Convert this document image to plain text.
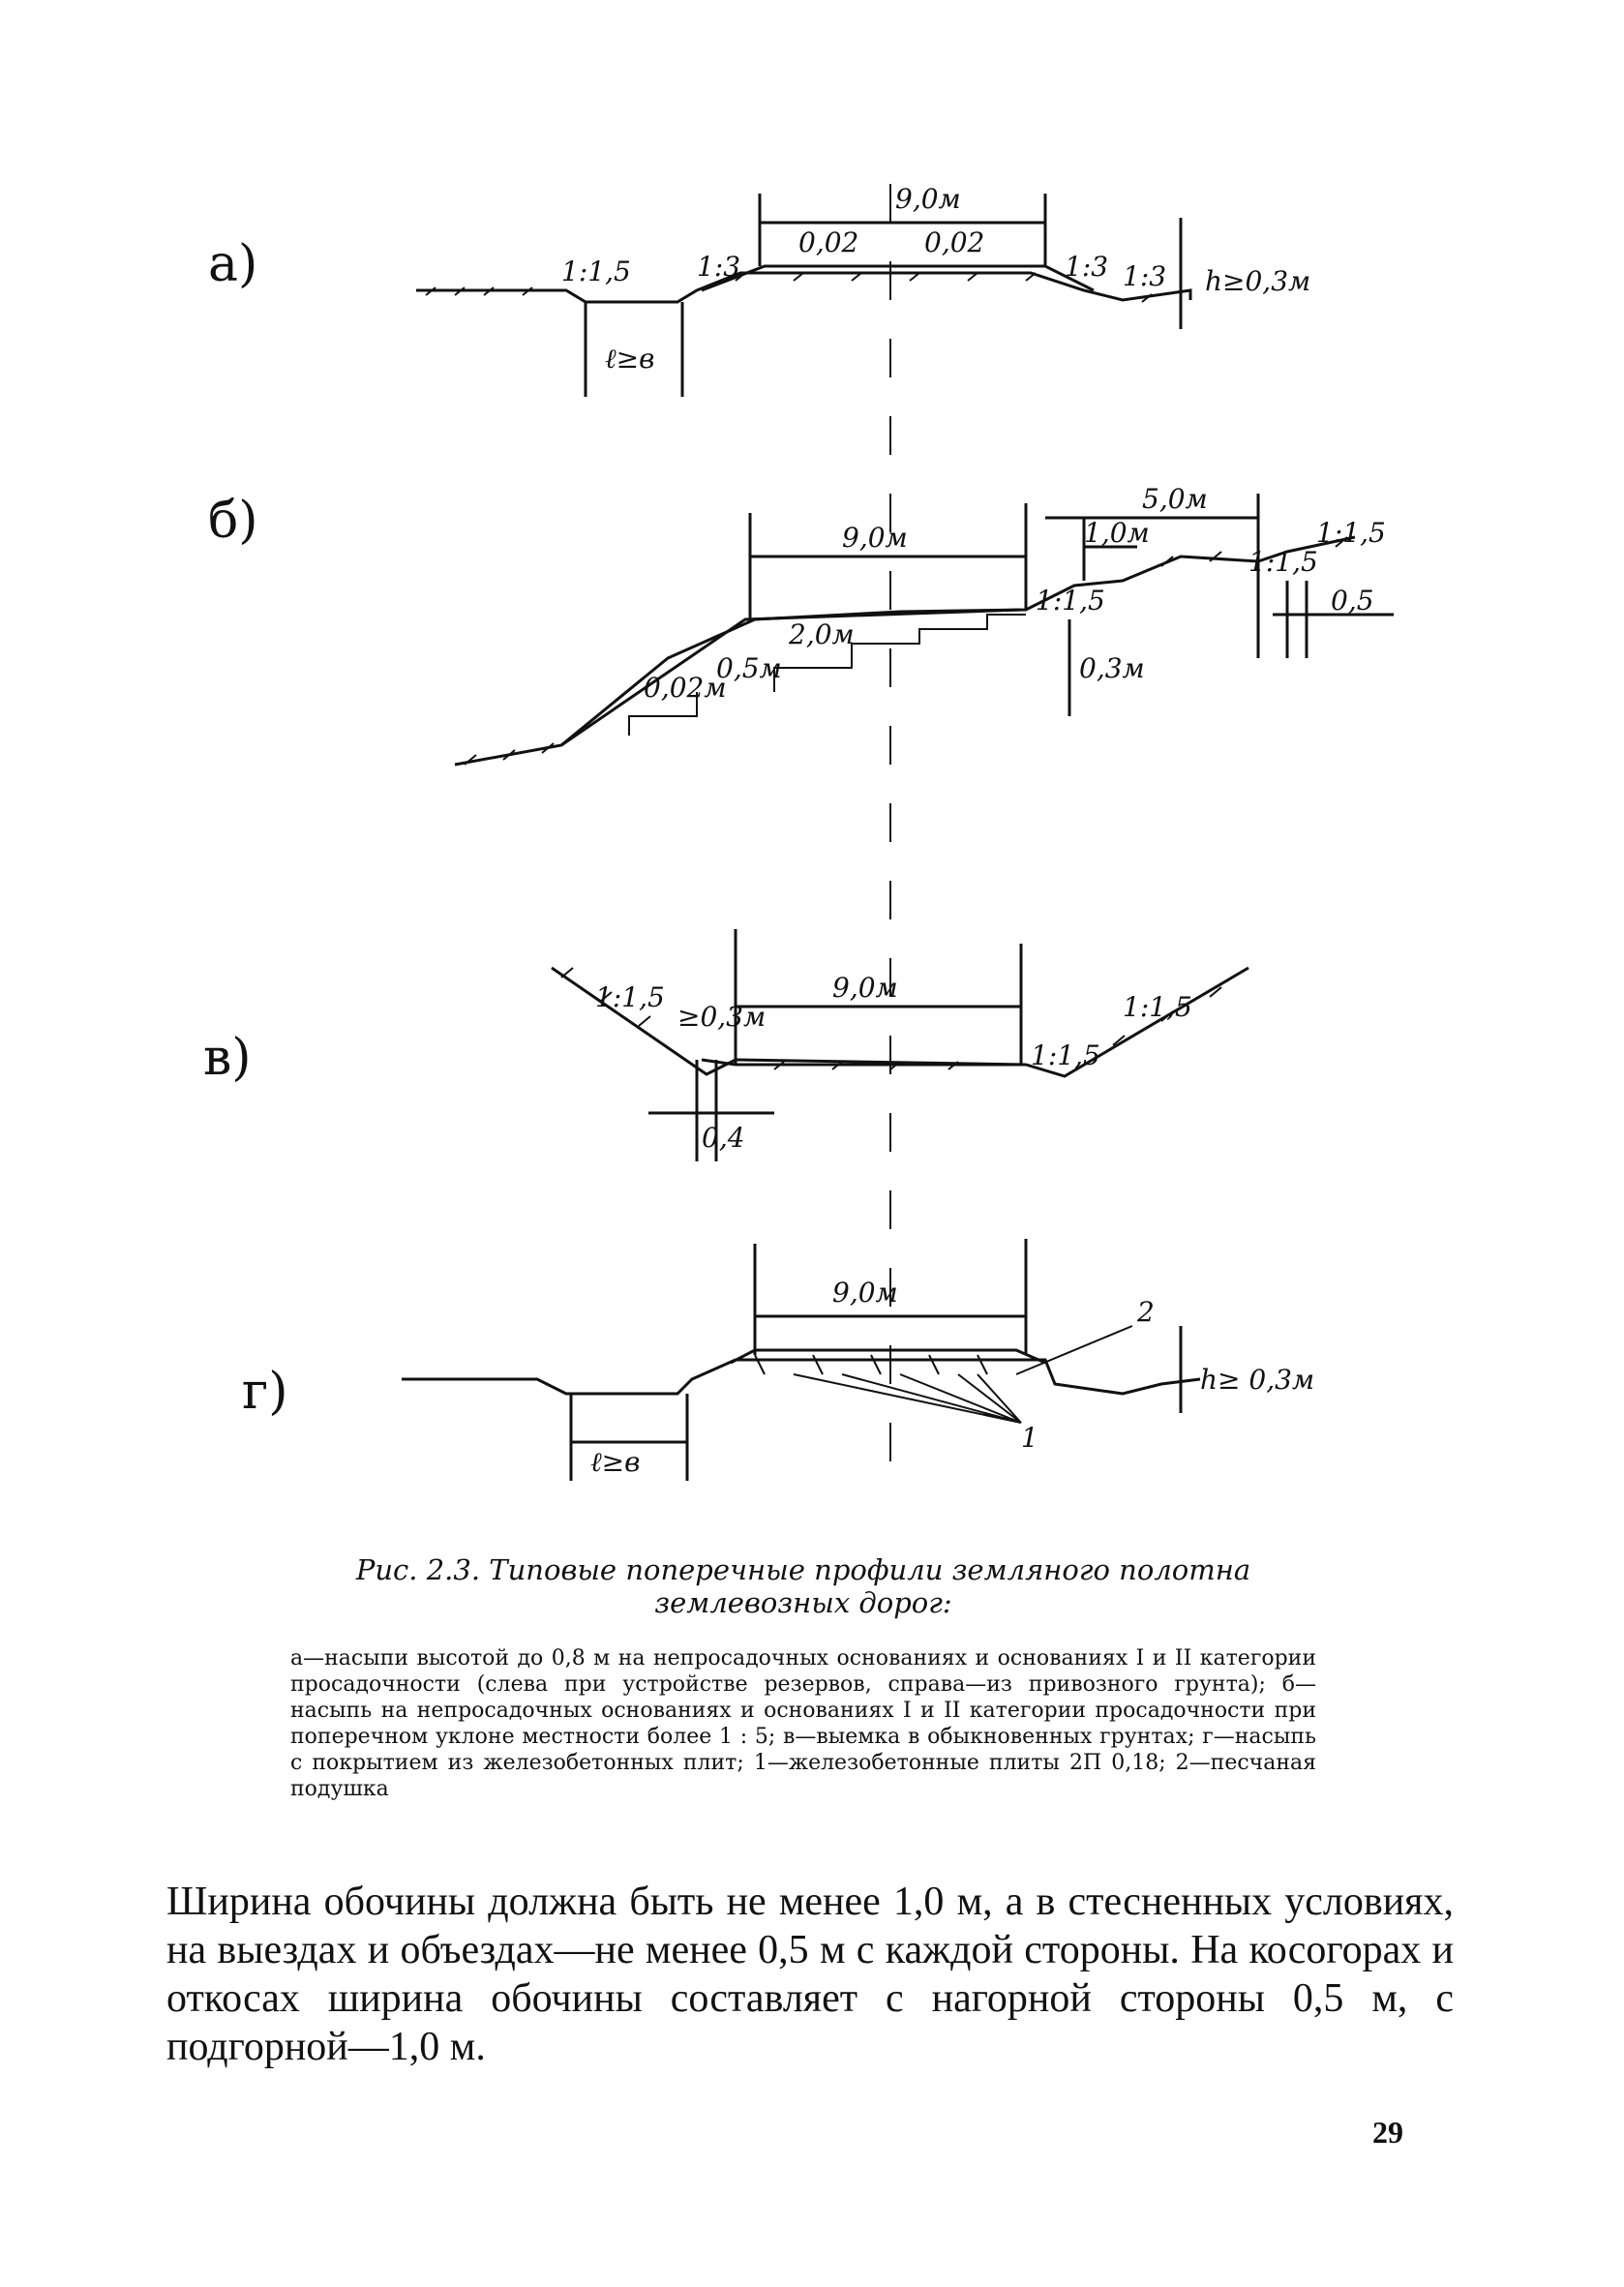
а)
б)
в)
г)
9,0м
0,02 0,02
1:3
1:1,5	1:3 1:3 h≥0,3м
ℓ≥в
9,0м
5,0м
1,0м
2,0м
0,02м
0,5м	0,3м
1:1,5
1:1,5
1:1,5
0,5
9,0м
≥0,3м
1:1,5
1:1,5
1:1,5
0,4
9,0м
h≥ 0,3м
ℓ≥в
1
2
Рис. 2.3. Типовые поперечные профили земляного полотна землевозных дорог:
а—насыпи высотой до 0,8 м на непросадочных основаниях и основаниях I и II категории просадочности (слева при устройстве резервов, справа—из привозного грунта); б—насыпь на непросадочных основаниях и основаниях I и II категории просадочности при поперечном уклоне местности более 1 : 5; в—выемка в обыкновенных грунтах; г—насыпь с покрытием из железобетонных плит; 1—железобетонные плиты 2П 0,18; 2—песчаная подушка
Ширина обочины должна быть не менее 1,0 м, а в стесненных условиях, на выездах и объездах—не менее 0,5 м с каждой стороны. На косогорах и откосах ширина обочины составляет с нагорной стороны 0,5 м, с подгорной—1,0 м.
29
